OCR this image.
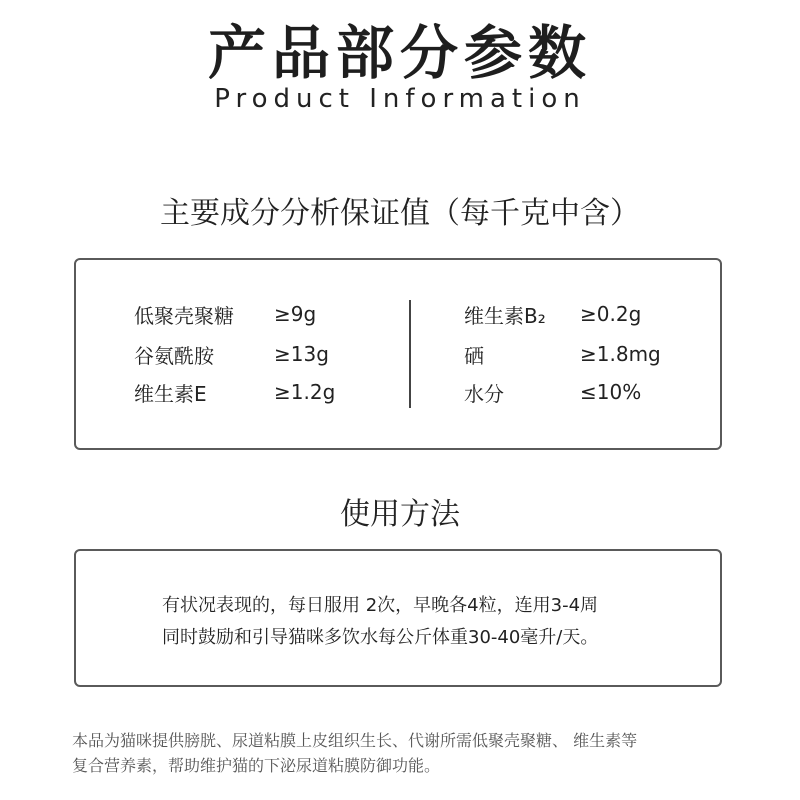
产品部分参数
Product Information
主要成分分析保证值（每千克中含）
低聚壳聚糖	≥9g
谷氨酰胺	≥13g
维生素E	≥1.2g
维生素B₂	≥0.2g
硒	≥1.8mg
水分	≤10%
使用方法
有状况表现的，每日服用 2次，早晚各4粒，连用3-4周
同时鼓励和引导猫咪多饮水每公斤体重30-40毫升/天。
本品为猫咪提供膀胱、尿道粘膜上皮组织生长、代谢所需低聚壳聚糖、 维生素等
复合营养素，帮助维护猫的下泌尿道粘膜防御功能。
